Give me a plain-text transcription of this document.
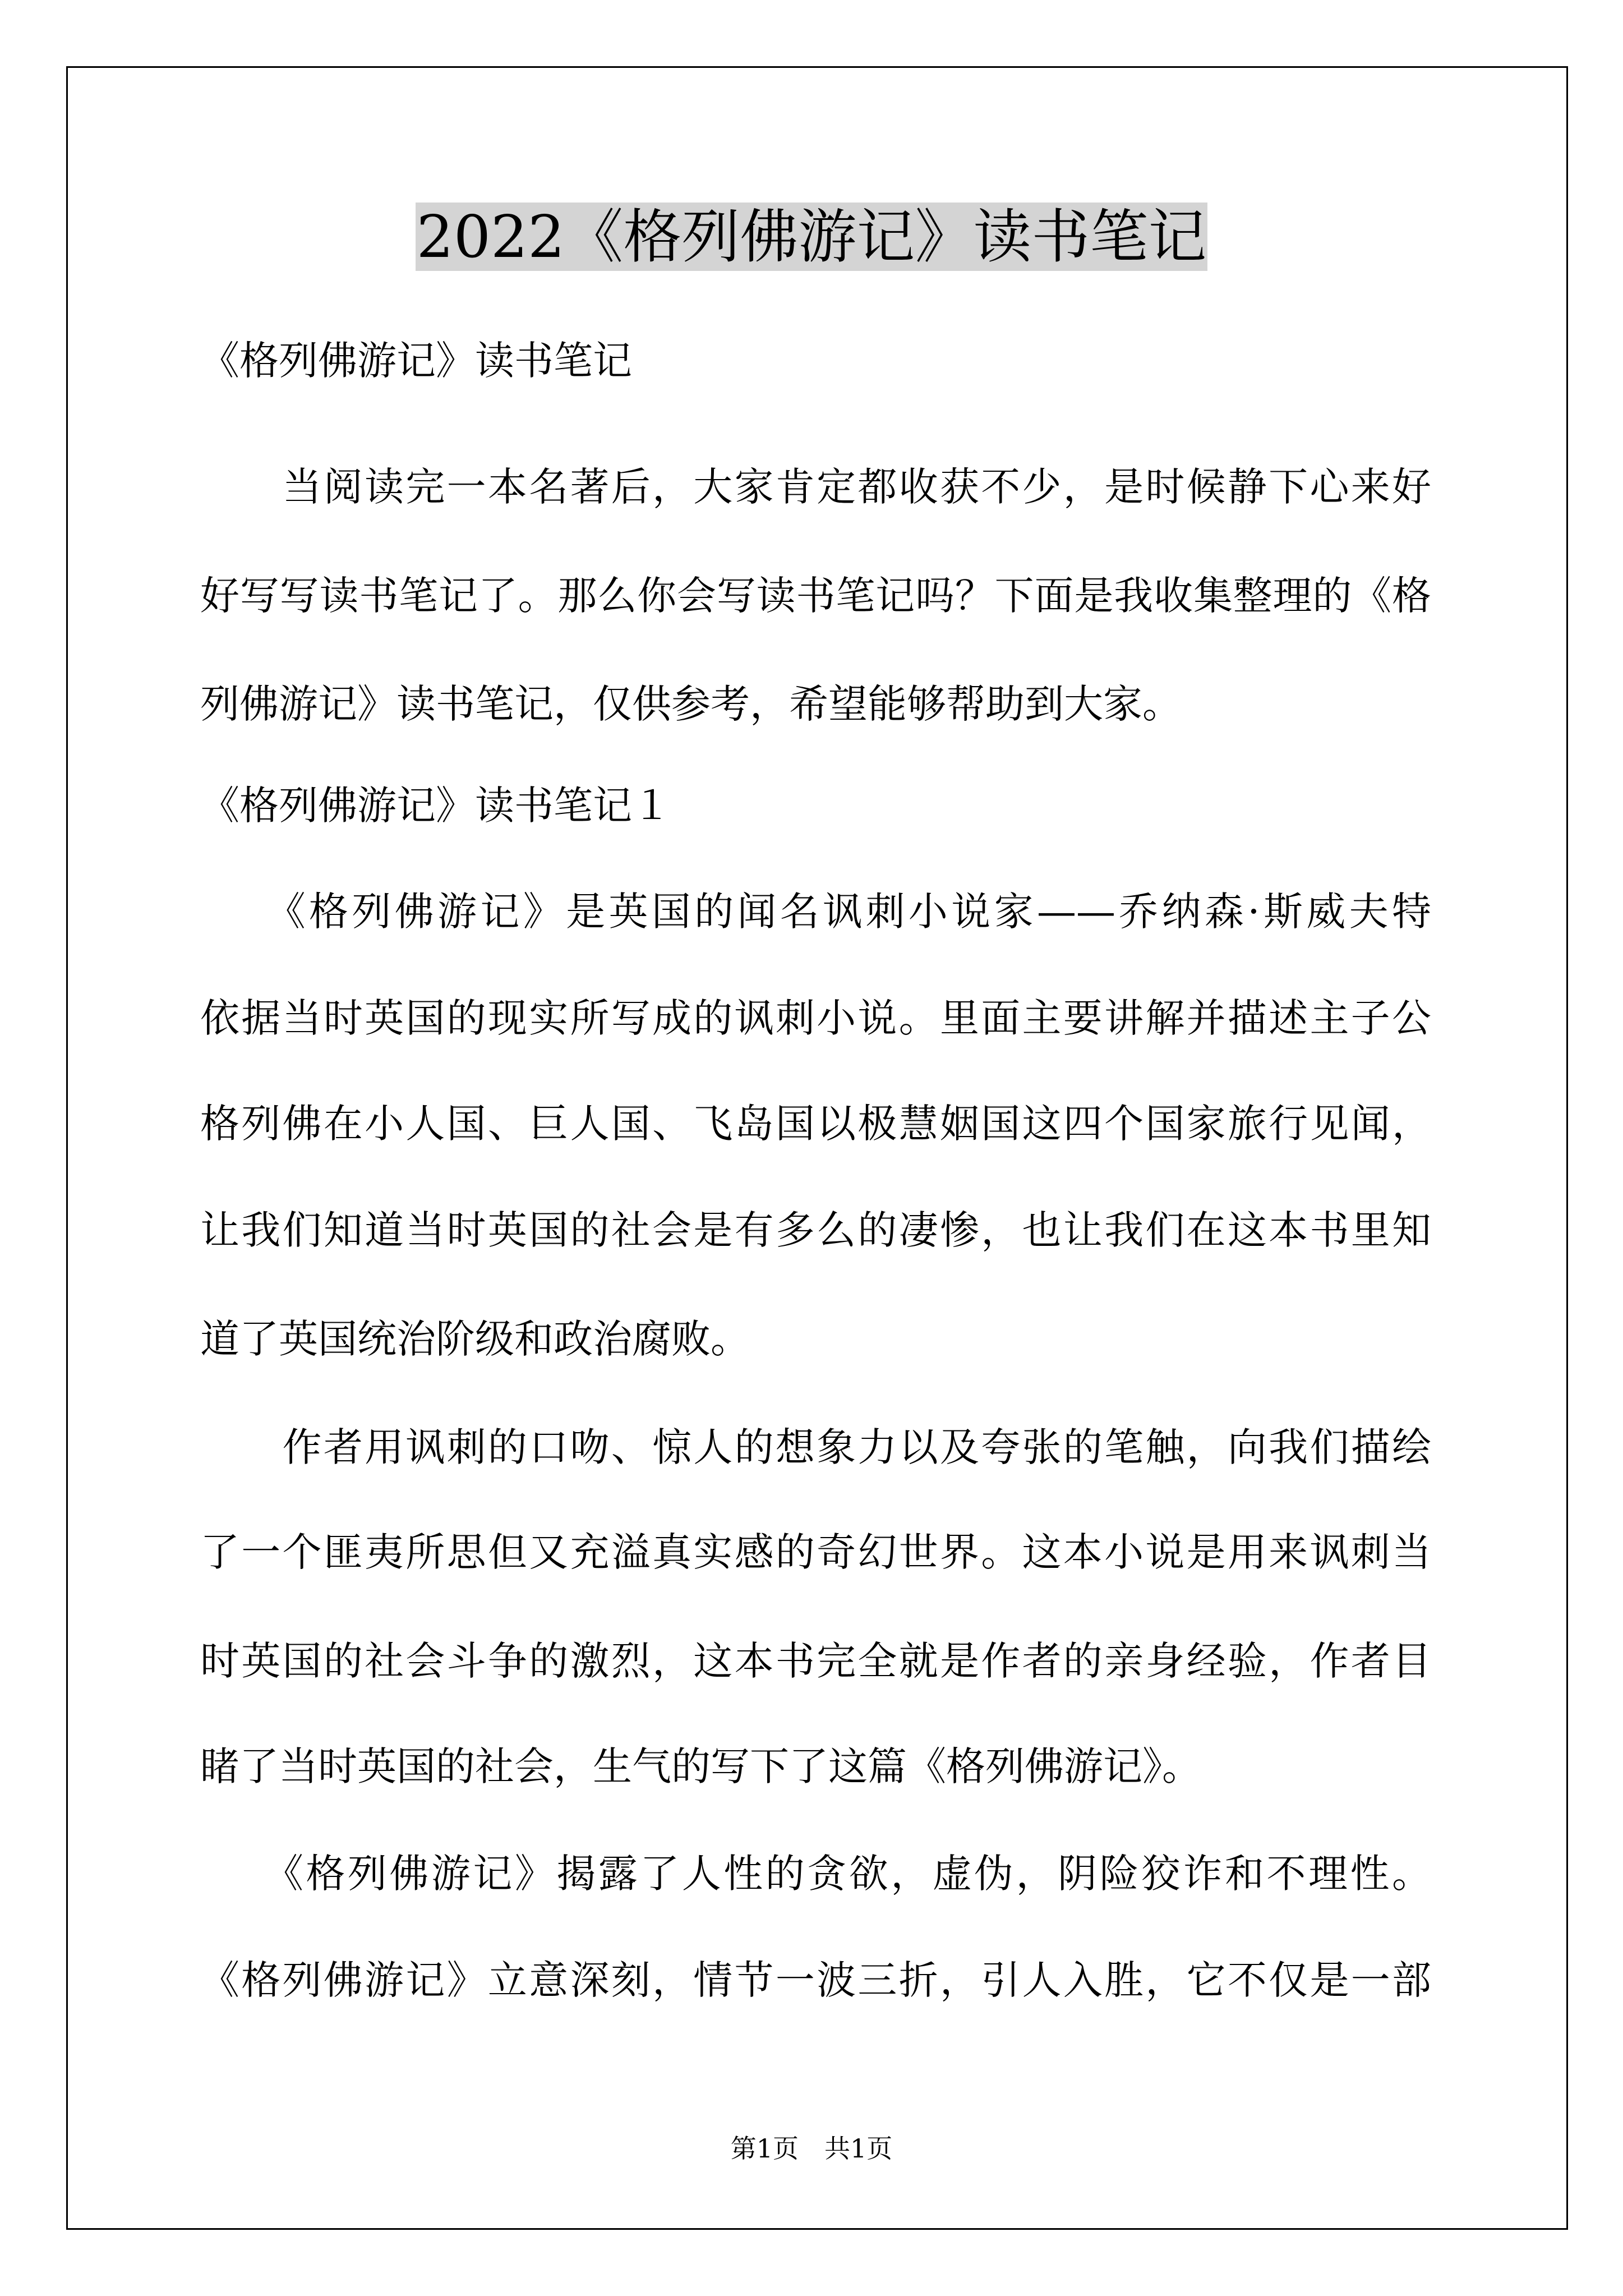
2022《格列佛游记》读书笔记
《格列佛游记》读书笔记
　　当阅读完一本名著后，大家肯定都收获不少，是时候静下心来好
好写写读书笔记了。那么你会写读书笔记吗？下面是我收集整理的《格
列佛游记》读书笔记，仅供参考，希望能够帮助到大家。
《格列佛游记》读书笔记１
　　《格列佛游记》是英国的闻名讽刺小说家——乔纳森·斯威夫特
依据当时英国的现实所写成的讽刺小说。里面主要讲解并描述主子公
格列佛在小人国、巨人国、飞岛国以极慧姻国这四个国家旅行见闻，
让我们知道当时英国的社会是有多么的凄惨，也让我们在这本书里知
道了英国统治阶级和政治腐败。
　　作者用讽刺的口吻、惊人的想象力以及夸张的笔触，向我们描绘
了一个匪夷所思但又充溢真实感的奇幻世界。这本小说是用来讽刺当
时英国的社会斗争的激烈，这本书完全就是作者的亲身经验，作者目
睹了当时英国的社会，生气的写下了这篇《格列佛游记》。
　　《格列佛游记》揭露了人性的贪欲，虚伪，阴险狡诈和不理性。
《格列佛游记》立意深刻，情节一波三折，引人入胜，它不仅是一部
第1页　共1页
